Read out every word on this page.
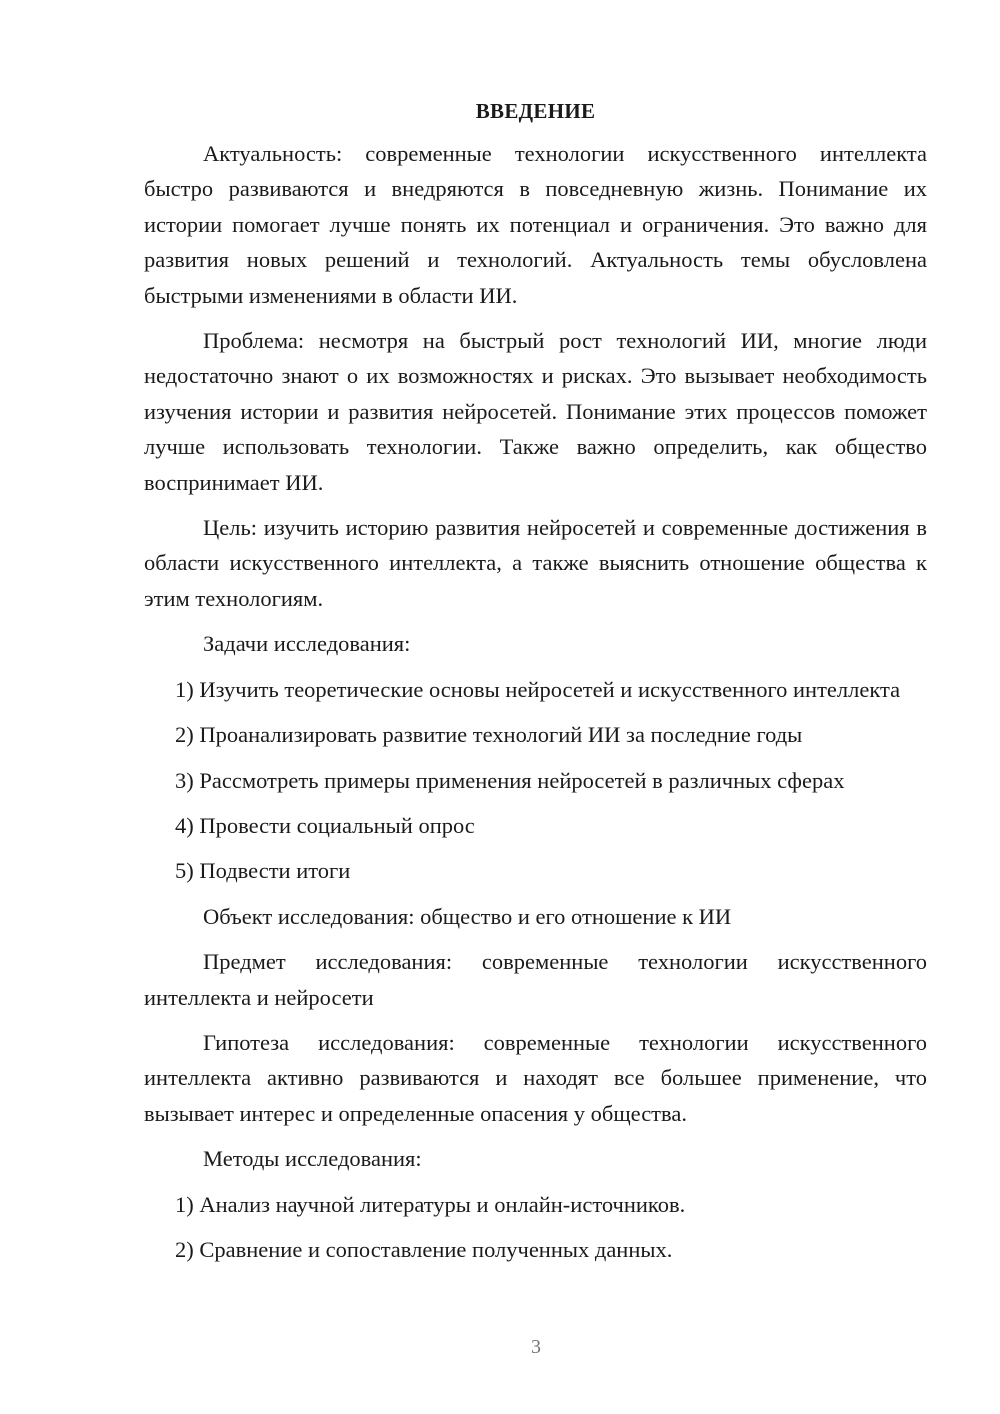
ВВЕДЕНИЕ

Актуальность: современные технологии искусственного интеллекта быстро развиваются и внедряются в повседневную жизнь. Понимание их истории помогает лучше понять их потенциал и ограничения. Это важно для развития новых решений и технологий. Актуальность темы обусловлена быстрыми изменениями в области ИИ.

Проблема: несмотря на быстрый рост технологий ИИ, многие люди недостаточно знают о их возможностях и рисках. Это вызывает необходимость изучения истории и развития нейросетей. Понимание этих процессов поможет лучше использовать технологии. Также важно определить, как общество воспринимает ИИ.

Цель: изучить историю развития нейросетей и современные достижения в области искусственного интеллекта, а также выяснить отношение общества к этим технологиям.

Задачи исследования:

1) Изучить теоретические основы нейросетей и искусственного интеллекта

2) Проанализировать развитие технологий ИИ за последние годы

3) Рассмотреть примеры применения нейросетей в различных сферах

4) Провести социальный опрос

5) Подвести итоги

Объект исследования: общество и его отношение к ИИ

Предмет исследования: современные технологии искусственного интеллекта и нейросети

Гипотеза исследования: современные технологии искусственного интеллекта активно развиваются и находят все большее применение, что вызывает интерес и определенные опасения у общества.

Методы исследования:

1) Анализ научной литературы и онлайн-источников.

2) Сравнение и сопоставление полученных данных.

3
